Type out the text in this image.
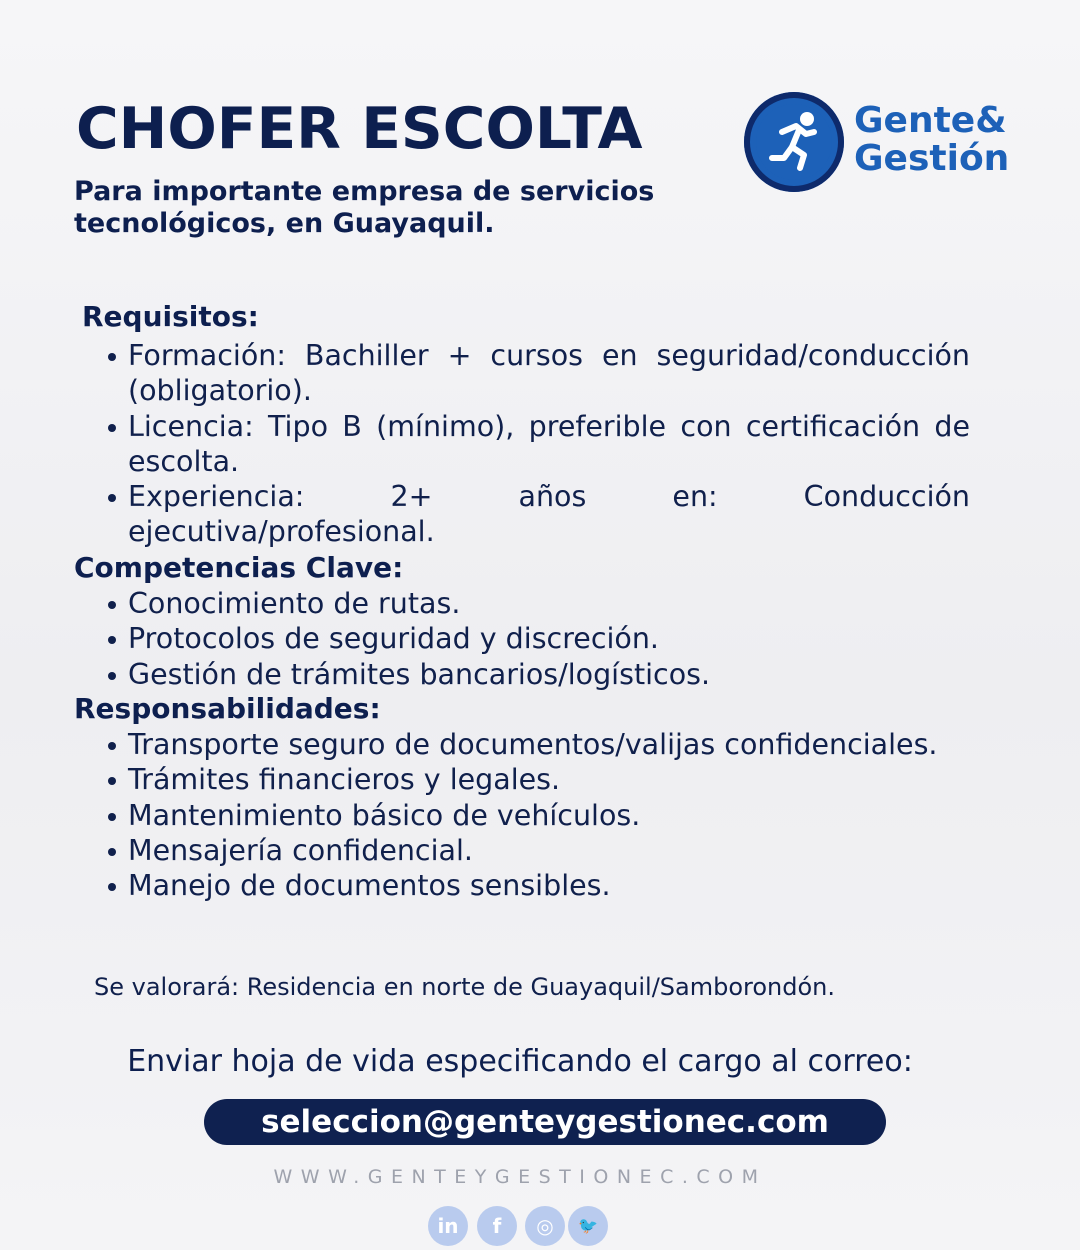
CHOFER ESCOLTA
Para importante empresa de servicios tecnológicos, en Guayaquil.
Gente&
Gestión
Requisitos:
Formación: Bachiller + cursos en seguridad/conducción (obligatorio).
Licencia: Tipo B (mínimo), preferible con certificación de escolta.
Experiencia: 2+ años en: Conducción ejecutiva/profesional.
Competencias Clave:
Conocimiento de rutas.
Protocolos de seguridad y discreción.
Gestión de trámites bancarios/logísticos.
Responsabilidades:
Transporte seguro de documentos/valijas confidenciales.
Trámites financieros y legales.
Mantenimiento básico de vehículos.
Mensajería confidencial.
Manejo de documentos sensibles.
Se valorará: Residencia en norte de Guayaquil/Samborondón.
Enviar hoja de vida especificando el cargo al correo:
seleccion@genteygestionec.com
WWW.GENTEYGESTIONEC.COM
in	f	◎	🐦
